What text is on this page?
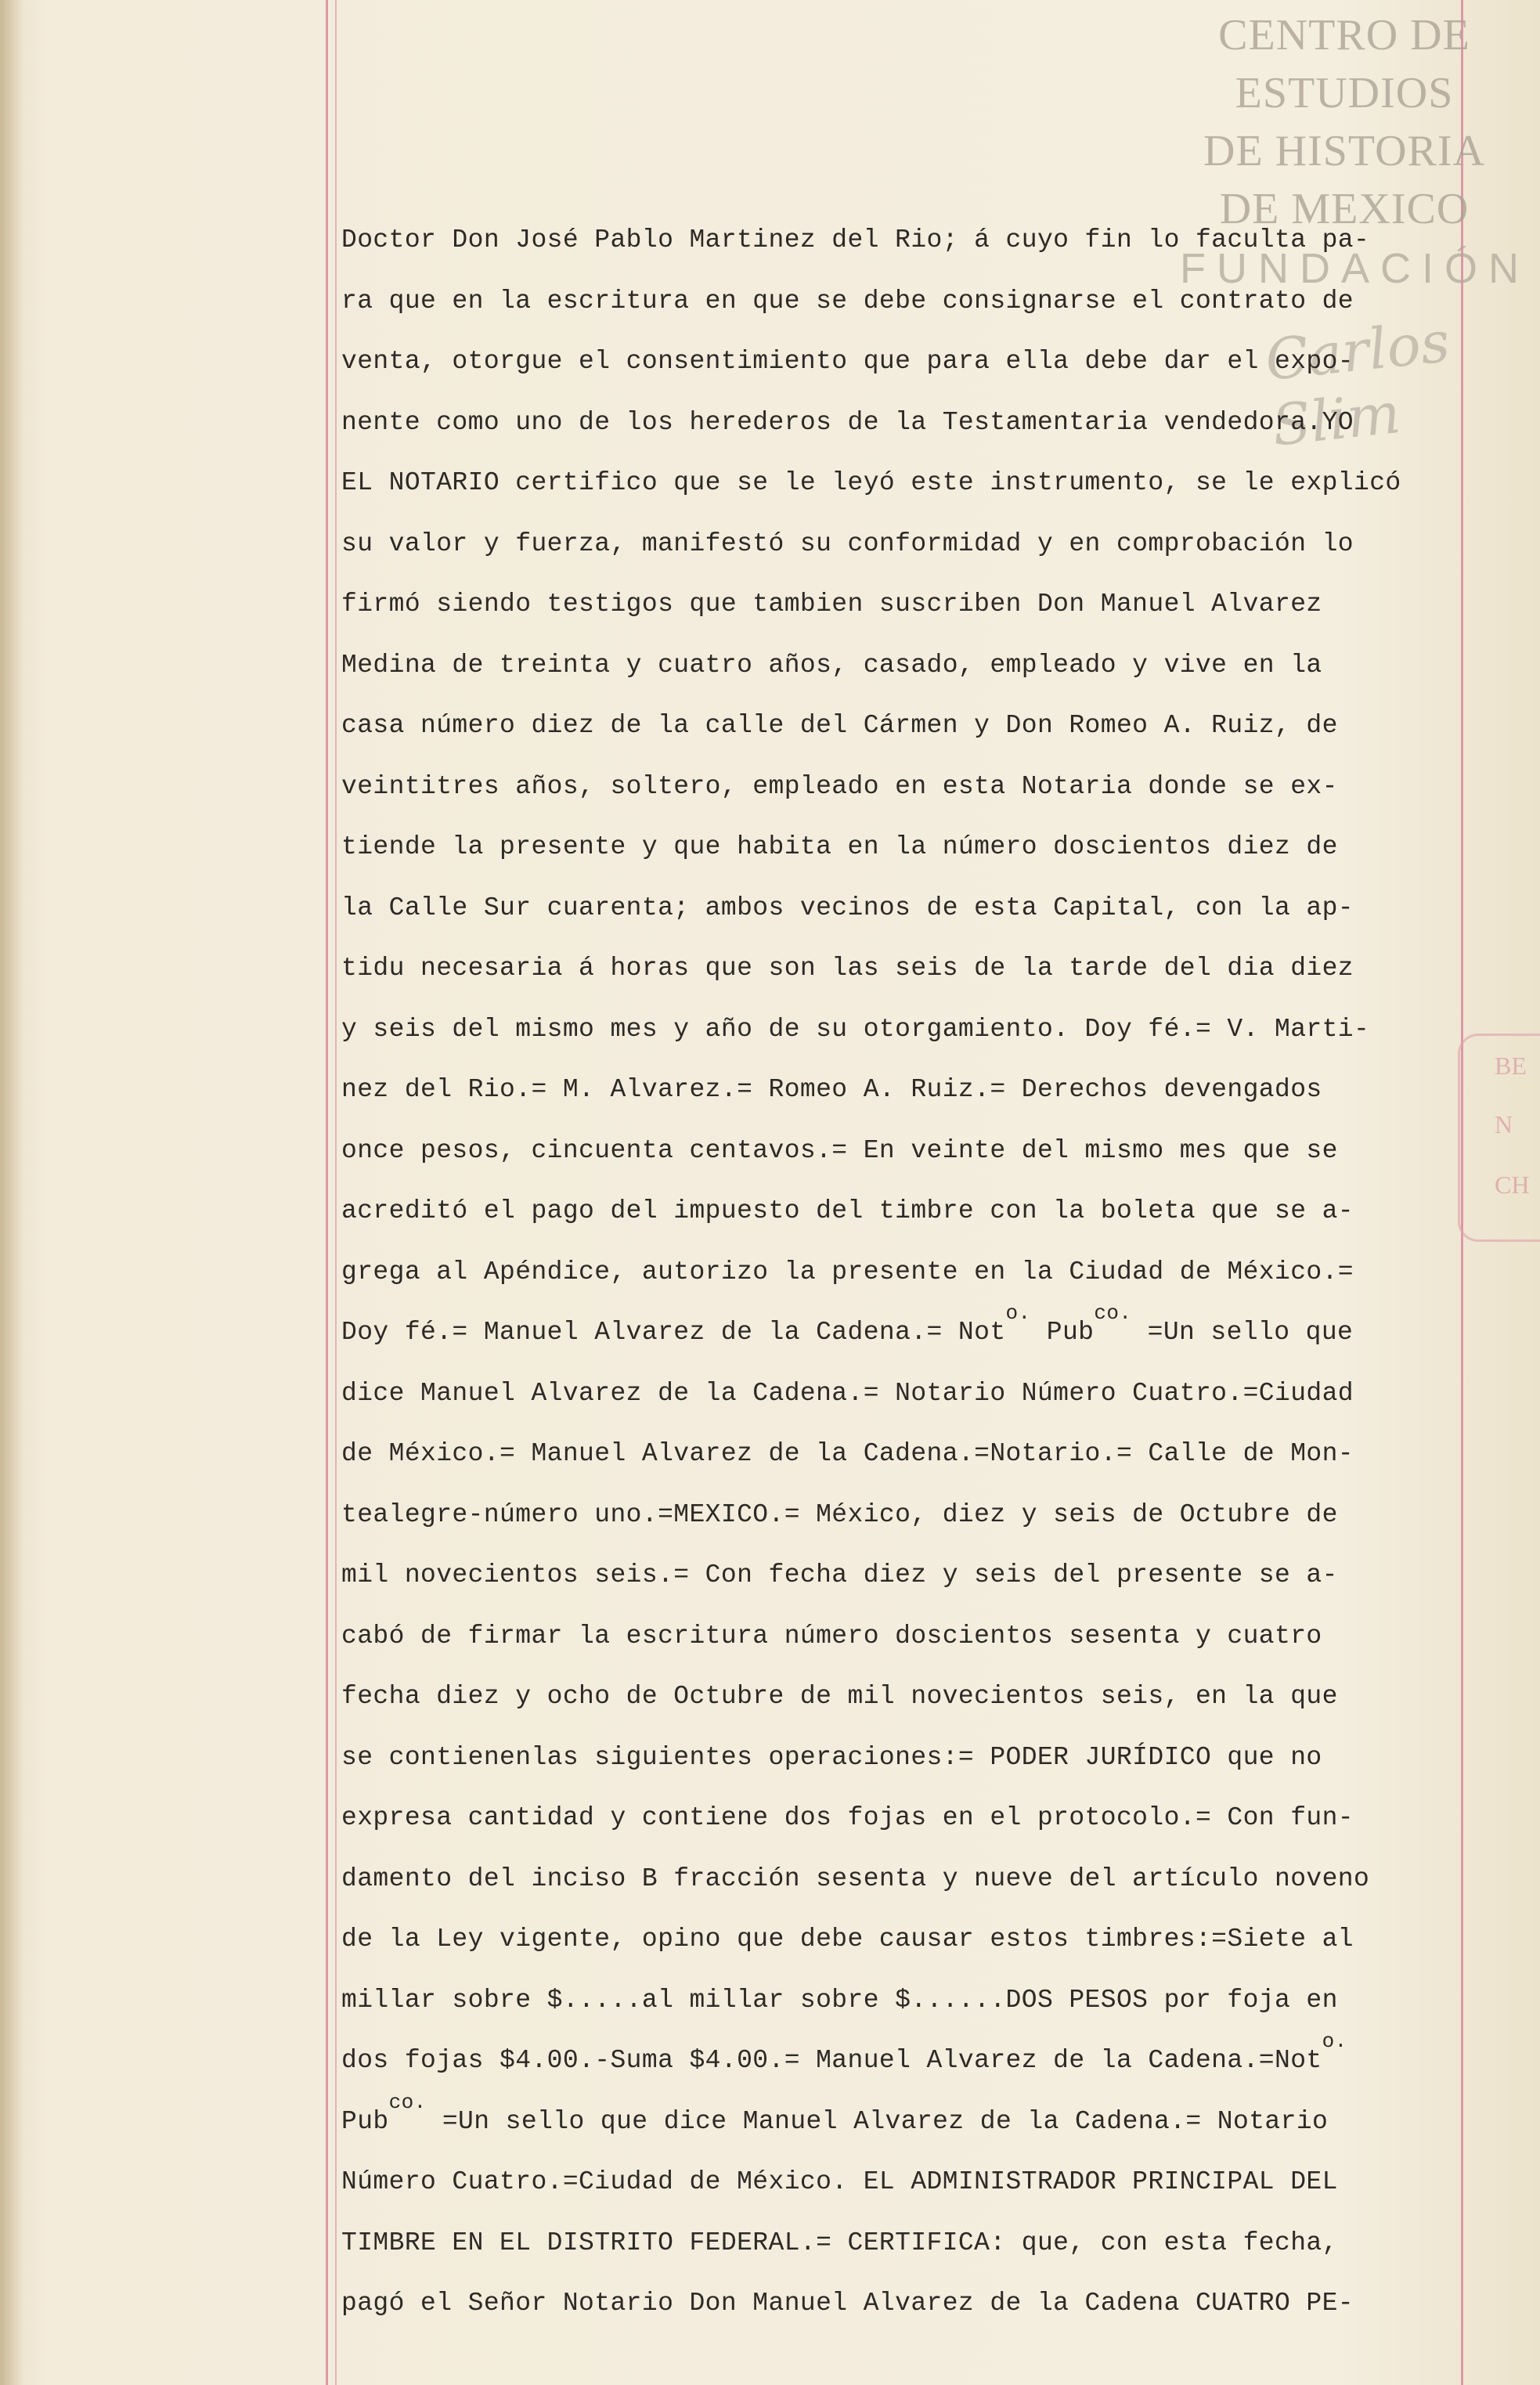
CENTRO DE
ESTUDIOS
DE HISTORIA
DE MEXICO
FUNDACIÓN
Carlos Slim
BE
N
CH
Doctor Don José Pablo Martinez del Rio; á cuyo fin lo faculta pa-
ra que en la escritura en que se debe consignarse el contrato de
venta, otorgue el consentimiento que para ella debe dar el expo-
nente como uno de los herederos de la Testamentaria vendedora.YO
EL NOTARIO certifico que se le leyó este instrumento, se le explicó
su valor y fuerza, manifestó su conformidad y en comprobación lo
firmó siendo testigos que tambien suscriben Don Manuel Alvarez
Medina de treinta y cuatro años, casado, empleado y vive en la
casa número diez de la calle del Cármen y Don Romeo A. Ruiz, de
veintitres años, soltero, empleado en esta Notaria donde se ex-
tiende la presente y que habita en la número doscientos diez de
la Calle Sur cuarenta; ambos vecinos de esta Capital, con la ap-
tidu necesaria á horas que son las seis de la tarde del dia diez
y seis del mismo mes y año de su otorgamiento. Doy fé.= V. Marti-
nez del Rio.= M. Alvarez.= Romeo A. Ruiz.= Derechos devengados
once pesos, cincuenta centavos.= En veinte del mismo mes que se
acreditó el pago del impuesto del timbre con la boleta que se a-
grega al Apéndice, autorizo la presente en la Ciudad de México.=
Doy fé.= Manuel Alvarez de la Cadena.= Not$^{o.}$ Pub$^{co.}$ =Un sello que
dice Manuel Alvarez de la Cadena.= Notario Número Cuatro.=Ciudad
de México.= Manuel Alvarez de la Cadena.=Notario.= Calle de Mon-
tealegre-número uno.=MEXICO.= México, diez y seis de Octubre de
mil novecientos seis.= Con fecha diez y seis del presente se a-
cabó de firmar la escritura número doscientos sesenta y cuatro
fecha diez y ocho de Octubre de mil novecientos seis, en la que
se contienenlas siguientes operaciones:= PODER JURÍDICO que no
expresa cantidad y contiene dos fojas en el protocolo.= Con fun-
damento del inciso B fracción sesenta y nueve del artículo noveno
de la Ley vigente, opino que debe causar estos timbres:=Siete al
millar sobre $.....al millar sobre $......DOS PESOS por foja en
dos fojas $4.00.-Suma $4.00.= Manuel Alvarez de la Cadena.=Not$^{o.}$
Pub$^{co.}$ =Un sello que dice Manuel Alvarez de la Cadena.= Notario
Número Cuatro.=Ciudad de México. EL ADMINISTRADOR PRINCIPAL DEL
TIMBRE EN EL DISTRITO FEDERAL.= CERTIFICA: que, con esta fecha,
pagó el Señor Notario Don Manuel Alvarez de la Cadena CUATRO PE-
